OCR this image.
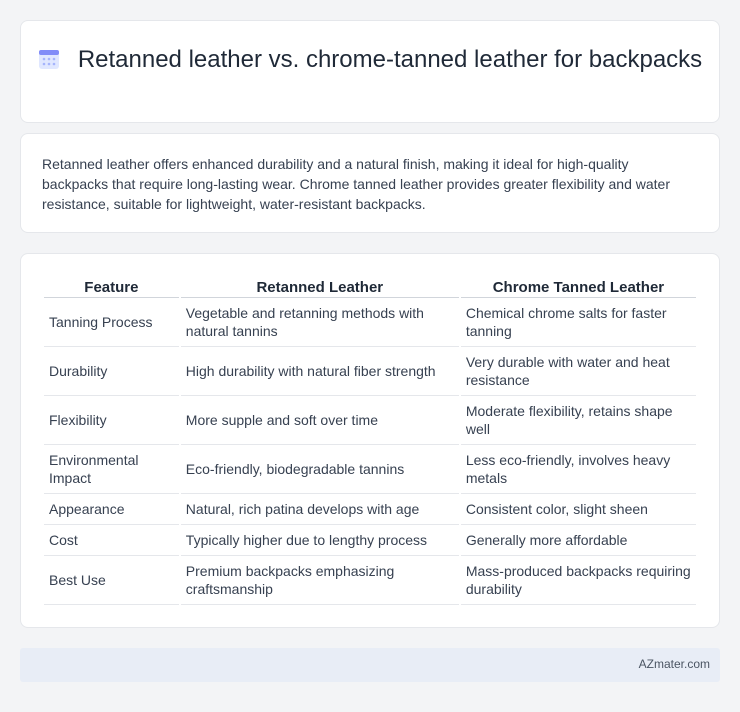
Retanned leather vs. chrome-tanned leather for backpacks

Retanned leather offers enhanced durability and a natural finish, making it ideal for high-quality backpacks that require long-lasting wear. Chrome tanned leather provides greater flexibility and water resistance, suitable for lightweight, water-resistant backpacks.

Feature	Retanned Leather	Chrome Tanned Leather
Tanning Process	Vegetable and retanning methods with natural tannins	Chemical chrome salts for faster tanning
Durability	High durability with natural fiber strength	Very durable with water and heat resistance
Flexibility	More supple and soft over time	Moderate flexibility, retains shape well
Environmental Impact	Eco-friendly, biodegradable tannins	Less eco-friendly, involves heavy metals
Appearance	Natural, rich patina develops with age	Consistent color, slight sheen
Cost	Typically higher due to lengthy process	Generally more affordable
Best Use	Premium backpacks emphasizing craftsmanship	Mass-produced backpacks requiring durability
AZmater.com
